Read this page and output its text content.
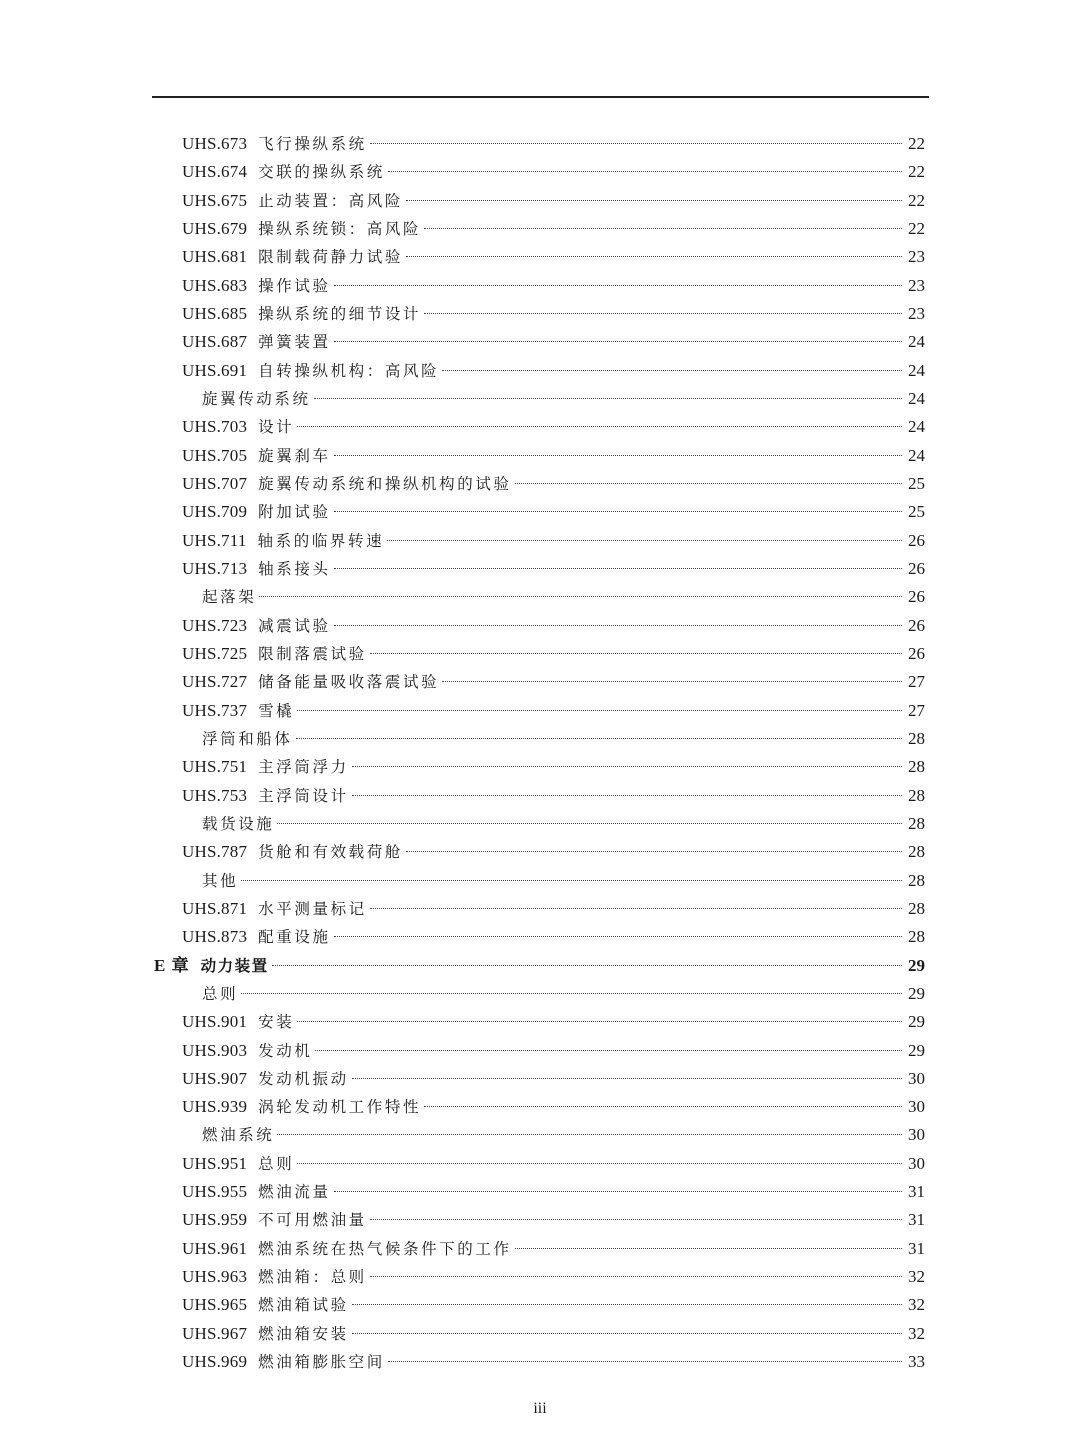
UHS.673 飞行操纵系统	22
UHS.674 交联的操纵系统	22
UHS.675 止动装置：高风险	22
UHS.679 操纵系统锁：高风险	22
UHS.681 限制载荷静力试验	23
UHS.683 操作试验	23
UHS.685 操纵系统的细节设计	23
UHS.687 弹簧装置	24
UHS.691 自转操纵机构：高风险	24
旋翼传动系统	24
UHS.703 设计	24
UHS.705 旋翼刹车	24
UHS.707 旋翼传动系统和操纵机构的试验	25
UHS.709 附加试验	25
UHS.711 轴系的临界转速	26
UHS.713 轴系接头	26
起落架	26
UHS.723 减震试验	26
UHS.725 限制落震试验	26
UHS.727 储备能量吸收落震试验	27
UHS.737 雪橇	27
浮筒和船体	28
UHS.751 主浮筒浮力	28
UHS.753 主浮筒设计	28
载货设施	28
UHS.787 货舱和有效载荷舱	28
其他	28
UHS.871 水平测量标记	28
UHS.873 配重设施	28
E 章 动力装置	29
总则	29
UHS.901 安装	29
UHS.903 发动机	29
UHS.907 发动机振动	30
UHS.939 涡轮发动机工作特性	30
燃油系统	30
UHS.951 总则	30
UHS.955 燃油流量	31
UHS.959 不可用燃油量	31
UHS.961 燃油系统在热气候条件下的工作	31
UHS.963 燃油箱：总则	32
UHS.965 燃油箱试验	32
UHS.967 燃油箱安装	32
UHS.969 燃油箱膨胀空间	33
iii
